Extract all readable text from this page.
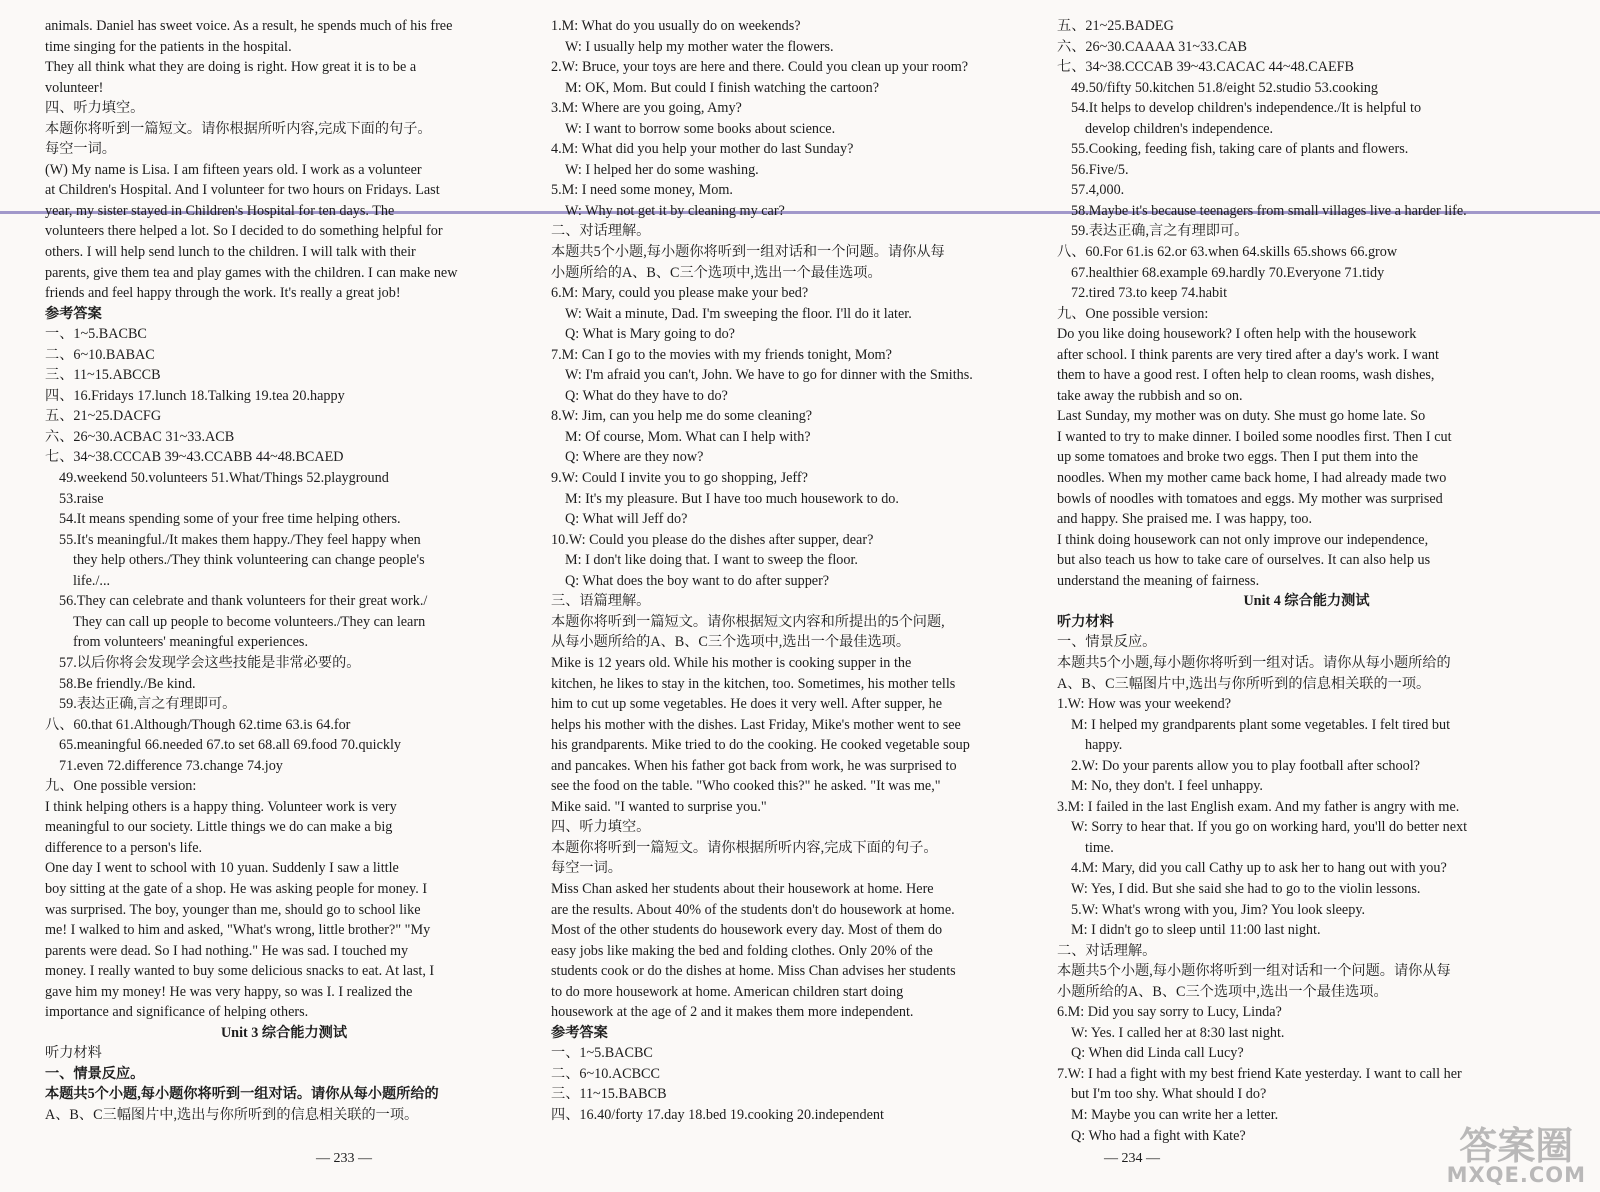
animals. Daniel has sweet voice. As a result, he spends much of his free
time singing for the patients in the hospital.
They all think what they are doing is right. How great it is to be a
volunteer!
四、听力填空。
本题你将听到一篇短文。请你根据所听内容,完成下面的句子。
每空一词。
(W) My name is Lisa. I am fifteen years old. I work as a volunteer
at Children's Hospital. And I volunteer for two hours on Fridays. Last
year, my sister stayed in Children's Hospital for ten days. The
volunteers there helped a lot. So I decided to do something helpful for
others. I will help send lunch to the children. I will talk with their
parents, give them tea and play games with the children. I can make new
friends and feel happy through the work. It's really a great job!
参考答案
一、1~5.BACBC
二、6~10.BABAC
三、11~15.ABCCB
四、16.Fridays 17.lunch 18.Talking 19.tea 20.happy
五、21~25.DACFG
六、26~30.ACBAC 31~33.ACB
七、34~38.CCCAB 39~43.CCABB 44~48.BCAED
49.weekend 50.volunteers 51.What/Things 52.playground
53.raise
54.It means spending some of your free time helping others.
55.It's meaningful./It makes them happy./They feel happy when
they help others./They think volunteering can change people's
life./...
56.They can celebrate and thank volunteers for their great work./
They can call up people to become volunteers./They can learn
from volunteers' meaningful experiences.
57.以后你将会发现学会这些技能是非常必要的。
58.Be friendly./Be kind.
59.表达正确,言之有理即可。
八、60.that 61.Although/Though 62.time 63.is 64.for
65.meaningful 66.needed 67.to set 68.all 69.food 70.quickly
71.even 72.difference 73.change 74.joy
九、One possible version:
I think helping others is a happy thing. Volunteer work is very
meaningful to our society. Little things we do can make a big
difference to a person's life.
One day I went to school with 10 yuan. Suddenly I saw a little
boy sitting at the gate of a shop. He was asking people for money. I
was surprised. The boy, younger than me, should go to school like
me! I walked to him and asked, "What's wrong, little brother?" "My
parents were dead. So I had nothing." He was sad. I touched my
money. I really wanted to buy some delicious snacks to eat. At last, I
gave him my money! He was very happy, so was I. I realized the
importance and significance of helping others.
Unit 3 综合能力测试
听力材料
一、情景反应。
本题共5个小题,每小题你将听到一组对话。请你从每小题所给的
A、B、C三幅图片中,选出与你所听到的信息相关联的一项。
1.M: What do you usually do on weekends?
W: I usually help my mother water the flowers.
2.W: Bruce, your toys are here and there. Could you clean up your room?
M: OK, Mom. But could I finish watching the cartoon?
3.M: Where are you going, Amy?
W: I want to borrow some books about science.
4.M: What did you help your mother do last Sunday?
W: I helped her do some washing.
5.M: I need some money, Mom.
W: Why not get it by cleaning my car?
二、对话理解。
本题共5个小题,每小题你将听到一组对话和一个问题。请你从每
小题所给的A、B、C三个选项中,选出一个最佳选项。
6.M: Mary, could you please make your bed?
W: Wait a minute, Dad. I'm sweeping the floor. I'll do it later.
Q: What is Mary going to do?
7.M: Can I go to the movies with my friends tonight, Mom?
W: I'm afraid you can't, John. We have to go for dinner with the Smiths.
Q: What do they have to do?
8.W: Jim, can you help me do some cleaning?
M: Of course, Mom. What can I help with?
Q: Where are they now?
9.W: Could I invite you to go shopping, Jeff?
M: It's my pleasure. But I have too much housework to do.
Q: What will Jeff do?
10.W: Could you please do the dishes after supper, dear?
M: I don't like doing that. I want to sweep the floor.
Q: What does the boy want to do after supper?
三、语篇理解。
本题你将听到一篇短文。请你根据短文内容和所提出的5个问题,
从每小题所给的A、B、C三个选项中,选出一个最佳选项。
Mike is 12 years old. While his mother is cooking supper in the
kitchen, he likes to stay in the kitchen, too. Sometimes, his mother tells
him to cut up some vegetables. He does it very well. After supper, he
helps his mother with the dishes. Last Friday, Mike's mother went to see
his grandparents. Mike tried to do the cooking. He cooked vegetable soup
and pancakes. When his father got back from work, he was surprised to
see the food on the table. "Who cooked this?" he asked. "It was me,"
Mike said. "I wanted to surprise you."
四、听力填空。
本题你将听到一篇短文。请你根据所听内容,完成下面的句子。
每空一词。
Miss Chan asked her students about their housework at home. Here
are the results. About 40% of the students don't do housework at home.
Most of the other students do housework every day. Most of them do
easy jobs like making the bed and folding clothes. Only 20% of the
students cook or do the dishes at home. Miss Chan advises her students
to do more housework at home. American children start doing
housework at the age of 2 and it makes them more independent.
参考答案
一、1~5.BACBC
二、6~10.ACBCC
三、11~15.BABCB
四、16.40/forty 17.day 18.bed 19.cooking 20.independent
五、21~25.BADEG
六、26~30.CAAAA 31~33.CAB
七、34~38.CCCAB 39~43.CACAC 44~48.CAEFB
49.50/fifty 50.kitchen 51.8/eight 52.studio 53.cooking
54.It helps to develop children's independence./It is helpful to
develop children's independence.
55.Cooking, feeding fish, taking care of plants and flowers.
56.Five/5.
57.4,000.
58.Maybe it's because teenagers from small villages live a harder life.
59.表达正确,言之有理即可。
八、60.For 61.is 62.or 63.when 64.skills 65.shows 66.grow
67.healthier 68.example 69.hardly 70.Everyone 71.tidy
72.tired 73.to keep 74.habit
九、One possible version:
Do you like doing housework? I often help with the housework
after school. I think parents are very tired after a day's work. I want
them to have a good rest. I often help to clean rooms, wash dishes,
take away the rubbish and so on.
Last Sunday, my mother was on duty. She must go home late. So
I wanted to try to make dinner. I boiled some noodles first. Then I cut
up some tomatoes and broke two eggs. Then I put them into the
noodles. When my mother came back home, I had already made two
bowls of noodles with tomatoes and eggs. My mother was surprised
and happy. She praised me. I was happy, too.
I think doing housework can not only improve our independence,
but also teach us how to take care of ourselves. It can also help us
understand the meaning of fairness.
Unit 4 综合能力测试
听力材料
一、情景反应。
本题共5个小题,每小题你将听到一组对话。请你从每小题所给的
A、B、C三幅图片中,选出与你所听到的信息相关联的一项。
1.W: How was your weekend?
M: I helped my grandparents plant some vegetables. I felt tired but
happy.
2.W: Do your parents allow you to play football after school?
M: No, they don't. I feel unhappy.
3.M: I failed in the last English exam. And my father is angry with me.
W: Sorry to hear that. If you go on working hard, you'll do better next
time.
4.M: Mary, did you call Cathy up to ask her to hang out with you?
W: Yes, I did. But she said she had to go to the violin lessons.
5.W: What's wrong with you, Jim? You look sleepy.
M: I didn't go to sleep until 11:00 last night.
二、对话理解。
本题共5个小题,每小题你将听到一组对话和一个问题。请你从每
小题所给的A、B、C三个选项中,选出一个最佳选项。
6.M: Did you say sorry to Lucy, Linda?
W: Yes. I called her at 8:30 last night.
Q: When did Linda call Lucy?
7.W: I had a fight with my best friend Kate yesterday. I want to call her
but I'm too shy. What should I do?
M: Maybe you can write her a letter.
Q: Who had a fight with Kate?
— 233 —	— 234 —	答案圈
MXQE.COM
